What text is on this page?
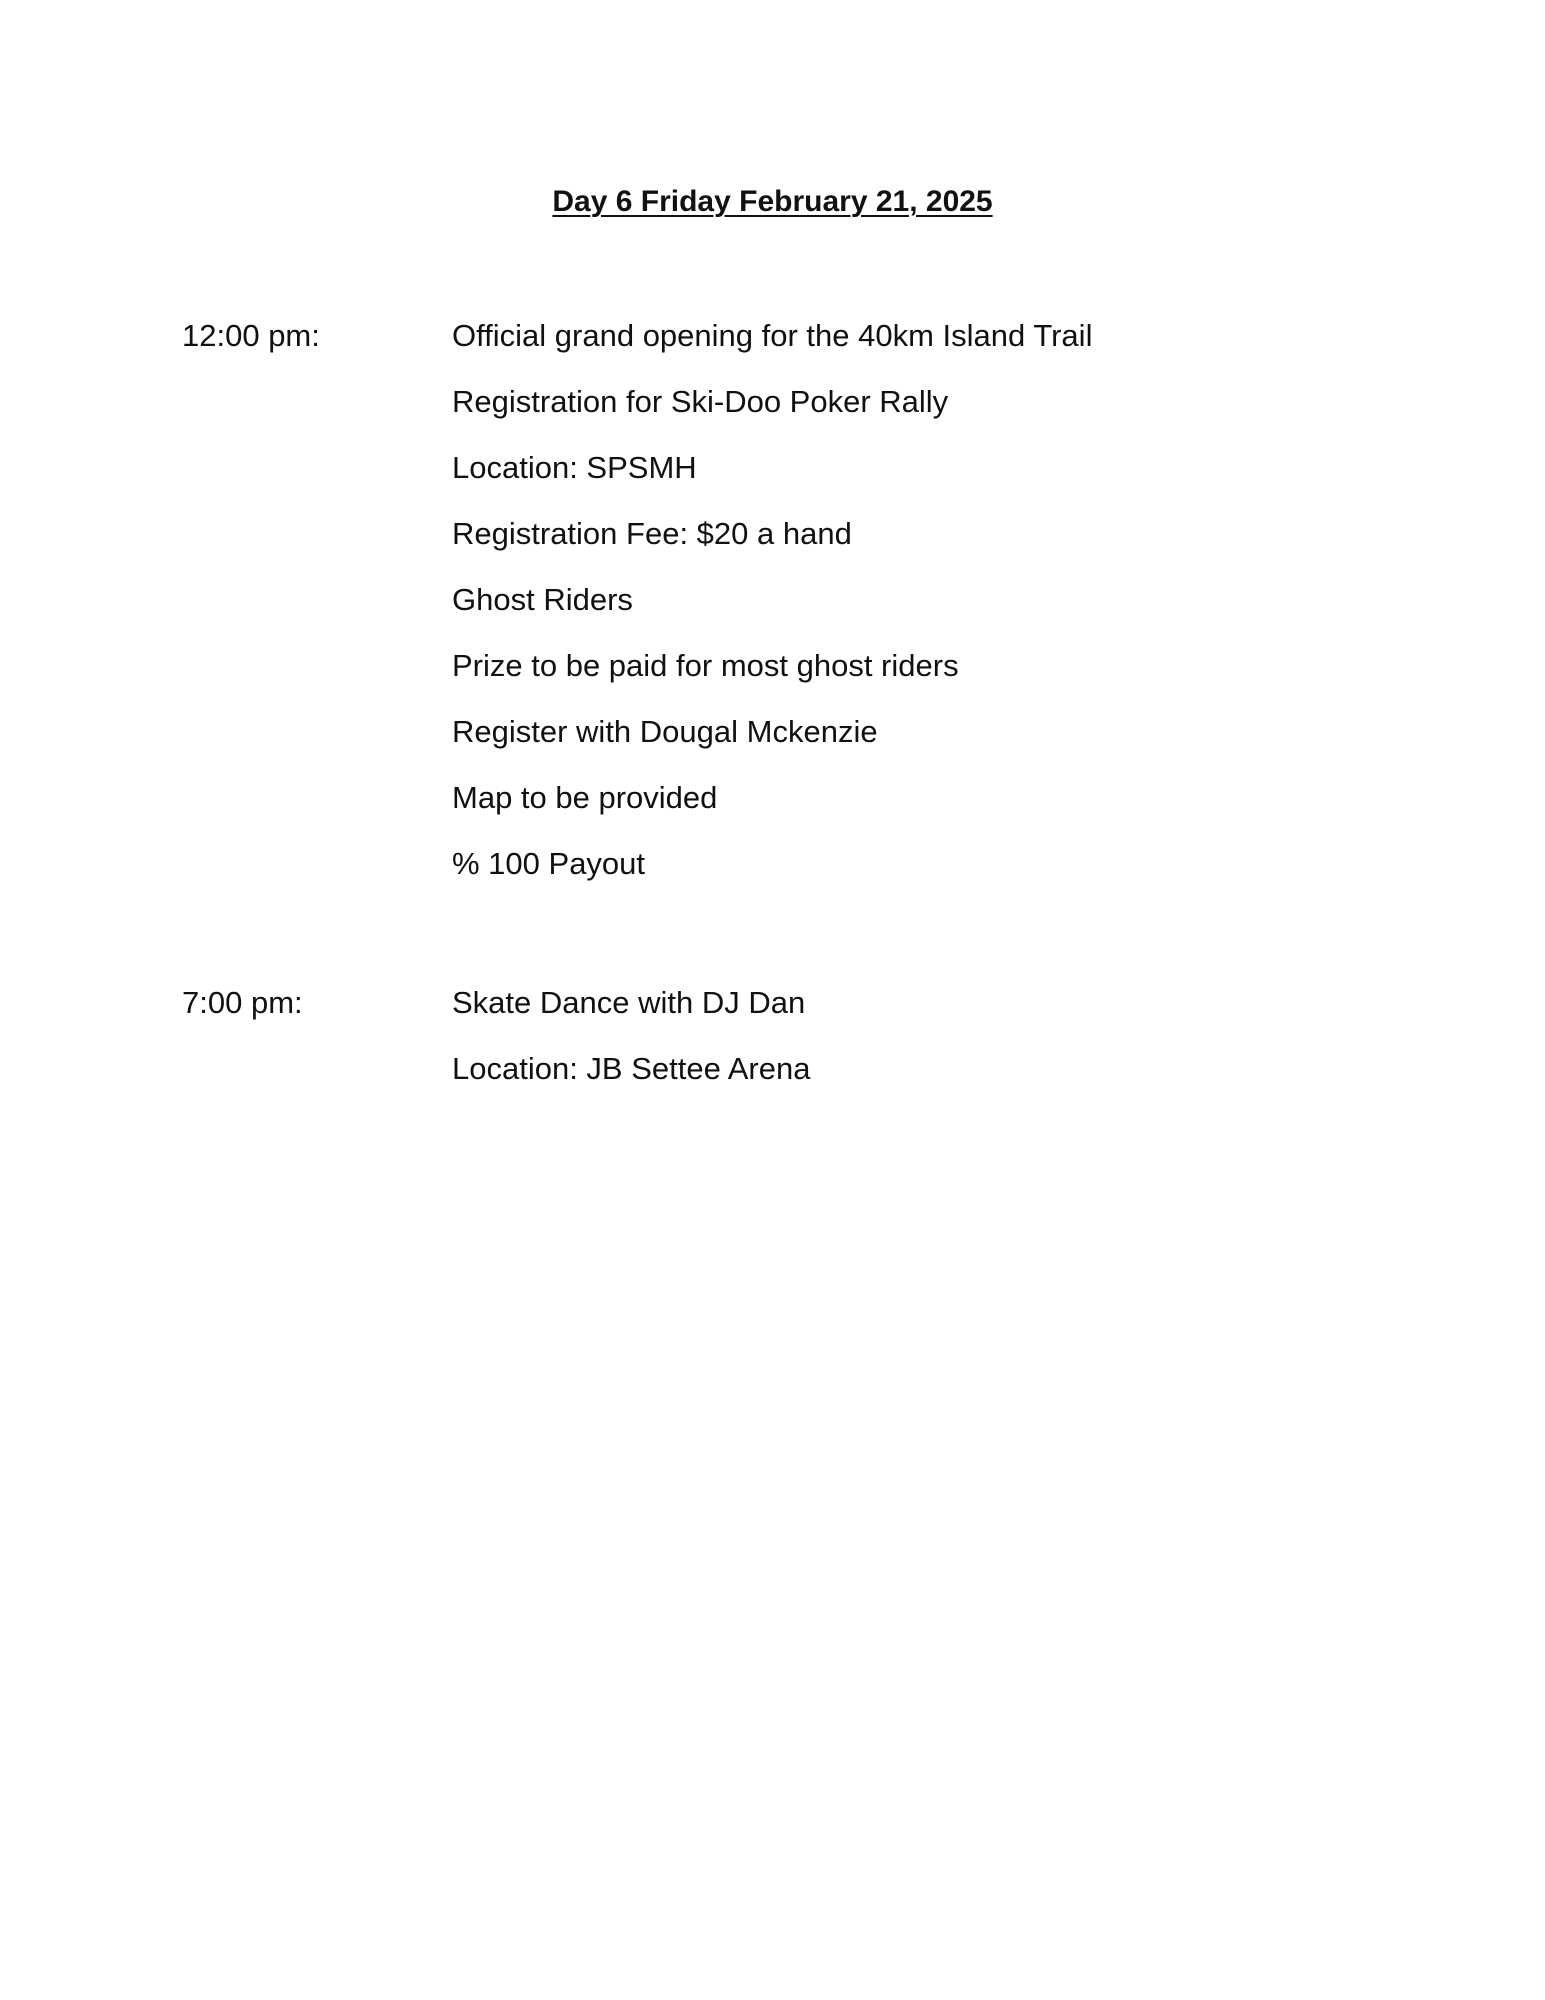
Day 6 Friday February 21, 2025
12:00 pm:	Official grand opening for the 40km Island Trail
Registration for Ski-Doo Poker Rally
Location: SPSMH
Registration Fee: $20 a hand
Ghost Riders
Prize to be paid for most ghost riders
Register with Dougal Mckenzie
Map to be provided
% 100 Payout
7:00 pm:	Skate Dance with DJ Dan
Location: JB Settee Arena
